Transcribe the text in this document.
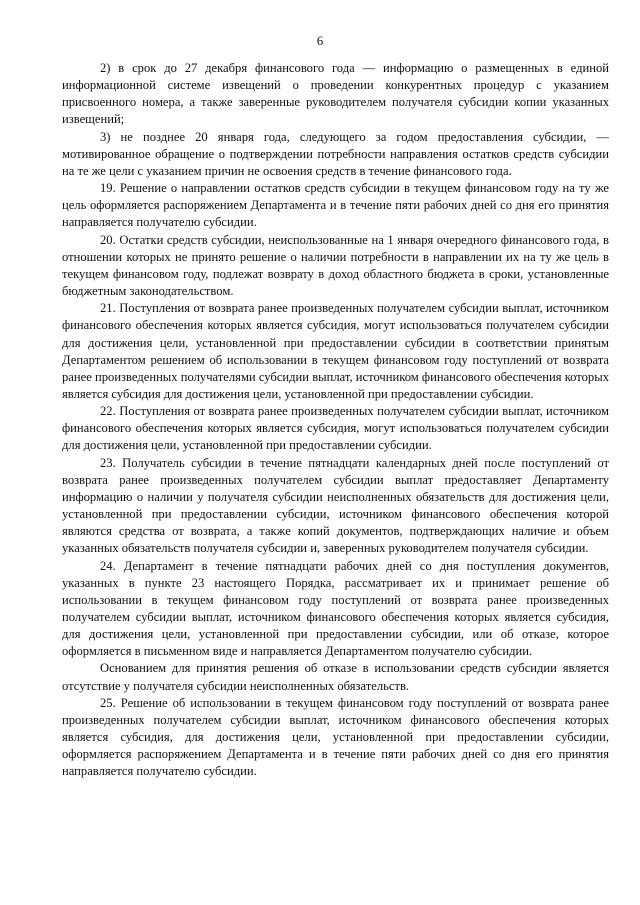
6

2) в срок до 27 декабря финансового года — информацию о размещенных в единой информационной системе извещений о проведении конкурентных процедур с указанием присвоенного номера, а также заверенные руководителем получателя субсидии копии указанных извещений;

3) не позднее 20 января года, следующего за годом предоставления субсидии, — мотивированное обращение о подтверждении потребности направления остатков средств субсидии на те же цели с указанием причин не освоения средств в течение финансового года.

19. Решение о направлении остатков средств субсидии в текущем финансовом году на ту же цель оформляется распоряжением Департамента и в течение пяти рабочих дней со дня его принятия направляется получателю субсидии.

20. Остатки средств субсидии, неиспользованные на 1 января очередного финансового года, в отношении которых не принято решение о наличии потребности в направлении их на ту же цель в текущем финансовом году, подлежат возврату в доход областного бюджета в сроки, установленные бюджетным законодательством.

21. Поступления от возврата ранее произведенных получателем субсидии выплат, источником финансового обеспечения которых является субсидия, могут использоваться получателем субсидии для достижения цели, установленной при предоставлении субсидии в соответствии принятым Департаментом решением об использовании в текущем финансовом году поступлений от возврата ранее произведенных получателями субсидии выплат, источником финансового обеспечения которых является субсидия для достижения цели, установленной при предоставлении субсидии.

22. Поступления от возврата ранее произведенных получателем субсидии выплат, источником финансового обеспечения которых является субсидия, могут использоваться получателем субсидии для достижения цели, установленной при предоставлении субсидии.

23. Получатель субсидии в течение пятнадцати календарных дней после поступлений от возврата ранее произведенных получателем субсидии выплат предоставляет Департаменту информацию о наличии у получателя субсидии неисполненных обязательств для достижения цели, установленной при предоставлении субсидии, источником финансового обеспечения которой являются средства от возврата, а также копий документов, подтверждающих наличие и объем указанных обязательств получателя субсидии и, заверенных руководителем получателя субсидии.

24. Департамент в течение пятнадцати рабочих дней со дня поступления документов, указанных в пункте 23 настоящего Порядка, рассматривает их и принимает решение об использовании в текущем финансовом году поступлений от возврата ранее произведенных получателем субсидии выплат, источником финансового обеспечения которых является субсидия, для достижения цели, установленной при предоставлении субсидии, или об отказе, которое оформляется в письменном виде и направляется Департаментом получателю субсидии.

Основанием для принятия решения об отказе в использовании средств субсидии является отсутствие у получателя субсидии неисполненных обязательств.

25. Решение об использовании в текущем финансовом году поступлений от возврата ранее произведенных получателем субсидии выплат, источником финансового обеспечения которых является субсидия, для достижения цели, установленной при предоставлении субсидии, оформляется распоряжением Департамента и в течение пяти рабочих дней со дня его принятия направляется получателю субсидии.
